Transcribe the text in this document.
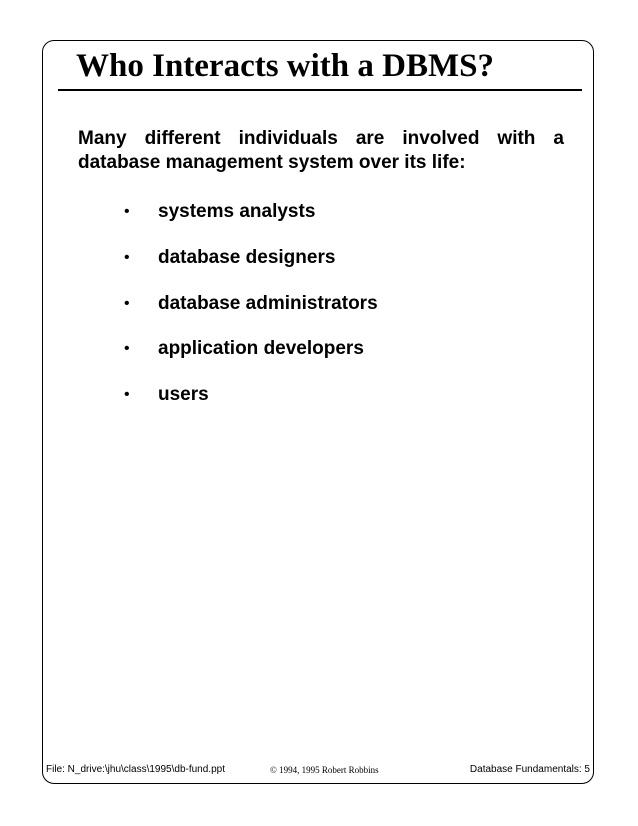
Who Interacts with a DBMS?

Many different individuals are involved with a database management system over its life:

• systems analysts
• database designers
• database administrators
• application developers
• users
File: N_drive:\jhu\class\1995\db-fund.ppt	© 1994, 1995 Robert Robbins	Database Fundamentals: 5
